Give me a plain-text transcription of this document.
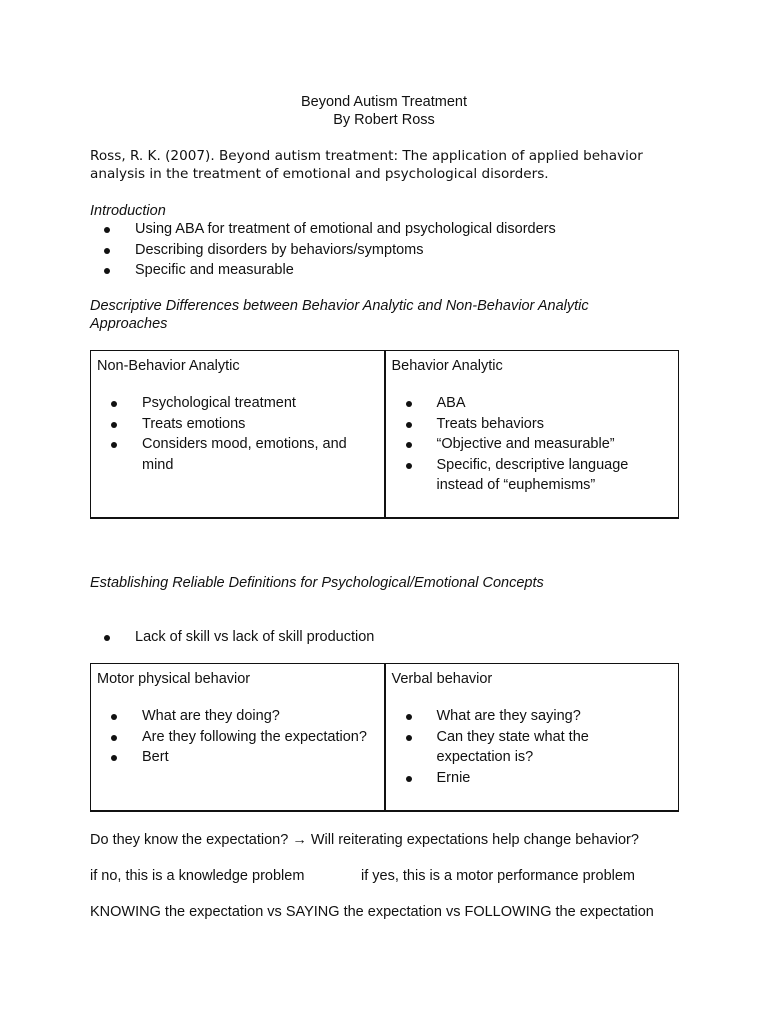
Beyond Autism Treatment
By Robert Ross
Ross, R. K. (2007). Beyond autism treatment: The application of applied behavior analysis in the treatment of emotional and psychological disorders.
Introduction
Using ABA for treatment of emotional and psychological disorders
Describing disorders by behaviors/symptoms
Specific and measurable
Descriptive Differences between Behavior Analytic and Non-Behavior Analytic Approaches
Non-Behavior Analytic
Psychological treatment
Treats emotions
Considers mood, emotions, and mind

Behavior Analytic
ABA
Treats behaviors
“Objective and measurable”
Specific, descriptive language instead of “euphemisms”
Establishing Reliable Definitions for Psychological/Emotional Concepts
Lack of skill vs lack of skill production
Motor physical behavior
What are they doing?
Are they following the expectation?
Bert

Verbal behavior
What are they saying?
Can they state what the expectation is?
Ernie
Do they know the expectation? → Will reiterating expectations help change behavior?
if no, this is a knowledge problem	if yes, this is a motor performance problem
KNOWING the expectation vs SAYING the expectation vs FOLLOWING the expectation
